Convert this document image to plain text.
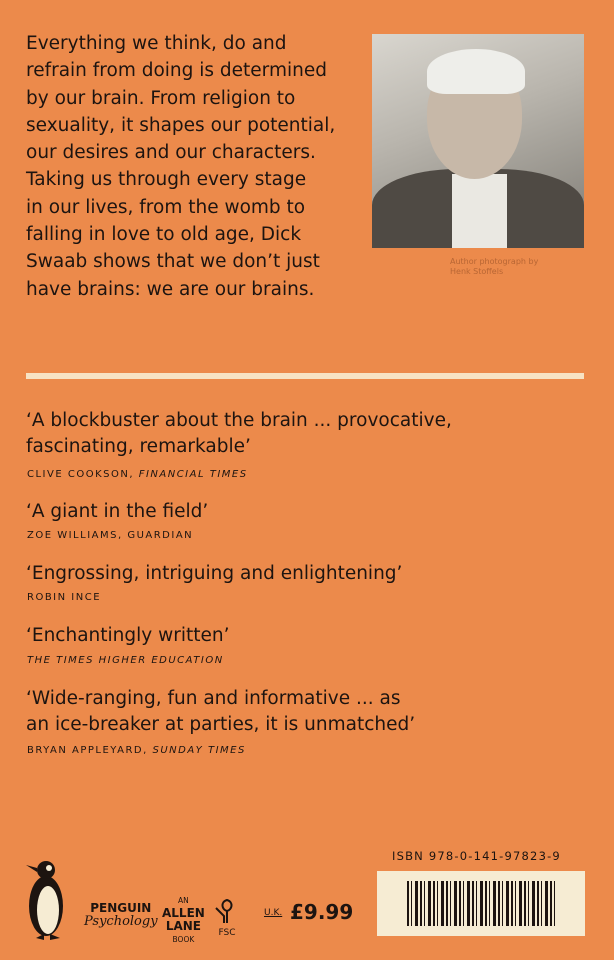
Everything we think, do and
refrain from doing is determined
by our brain. From religion to
sexuality, it shapes our potential,
our desires and our characters.
Taking us through every stage
in our lives, from the womb to
falling in love to old age, Dick
Swaab shows that we don’t just
have brains: we are our brains.
Author photograph by
Henk Stoffels
‘A blockbuster about the brain ... provocative,
fascinating, remarkable’
CLIVE COOKSON, FINANCIAL TIMES
‘A giant in the field’
ZOE WILLIAMS, GUARDIAN
‘Engrossing, intriguing and enlightening’
ROBIN INCE
‘Enchantingly written’
THE TIMES HIGHER EDUCATION
‘Wide-ranging, fun and informative ... as
an ice-breaker at parties, it is unmatched’
BRYAN APPLEYARD, SUNDAY TIMES
PENGUIN
Psychology
AN
ALLEN
LANE
BOOK
FSC
U.K. £9.99
ISBN 978-0-141-97823-9
